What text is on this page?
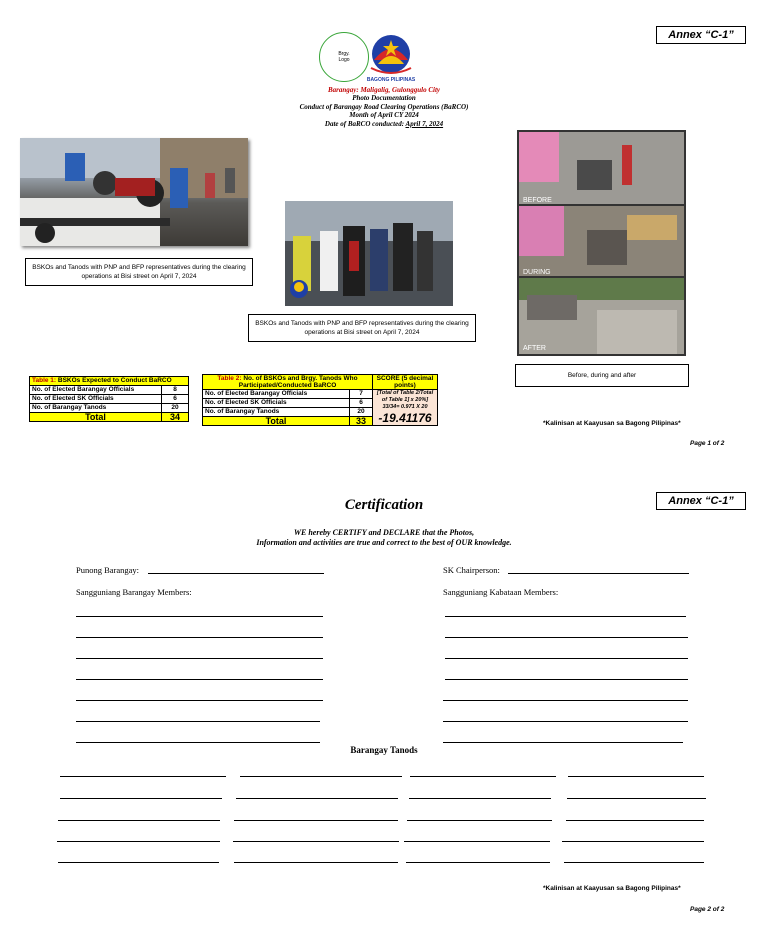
Annex “C-1”
Brgy.
Logo
BAGONG PILIPINAS
Barangay: Maligalig, Gulonggulo City
Photo Documentation
Conduct of Barangay Road Clearing Operations (BaRCO)
Month of April CY 2024
Date of BaRCO conducted: April 7, 2024
BSKOs and Tanods with PNP and BFP representatives during the clearing operations at Bisi street on April 7, 2024
BSKOs and Tanods with PNP and BFP representatives during the clearing operations at Bisi street on April 7, 2024
BEFORE
DURING
AFTER
Before, during and after
Table 1: BSKOs Expected to Conduct BaRCO	
No. of Elected Barangay Officials	8
No. of Elected SK Officials	6
No. of Barangay Tanods	20
Total	34
Table 2: No. of BSKOs and Brgy. Tanods Who Participated/Conducted BaRCO		SCORE (5 decimal points)
No. of Elected Barangay Officials	7	[Total of Table 2/Total of Table 1] x 20%]
33/34= 0.971 X 20
-19.41176

No. of Elected SK Officials	6	
No. of Barangay Tanods	20	
Total	33		*Kalinisan at Kaayusan sa Bagong Pilipinas*
Page 1 of 2
Annex “C-1”
Certification
WE hereby CERTIFY and DECLARE that the Photos,
Information and activities are true and correct to the best of OUR knowledge.
Punong Barangay:	SK Chairperson:
Sangguniang Barangay Members:	Sangguniang Kabataan Members:
Barangay Tanods
*Kalinisan at Kaayusan sa Bagong Pilipinas*
Page 2 of 2
